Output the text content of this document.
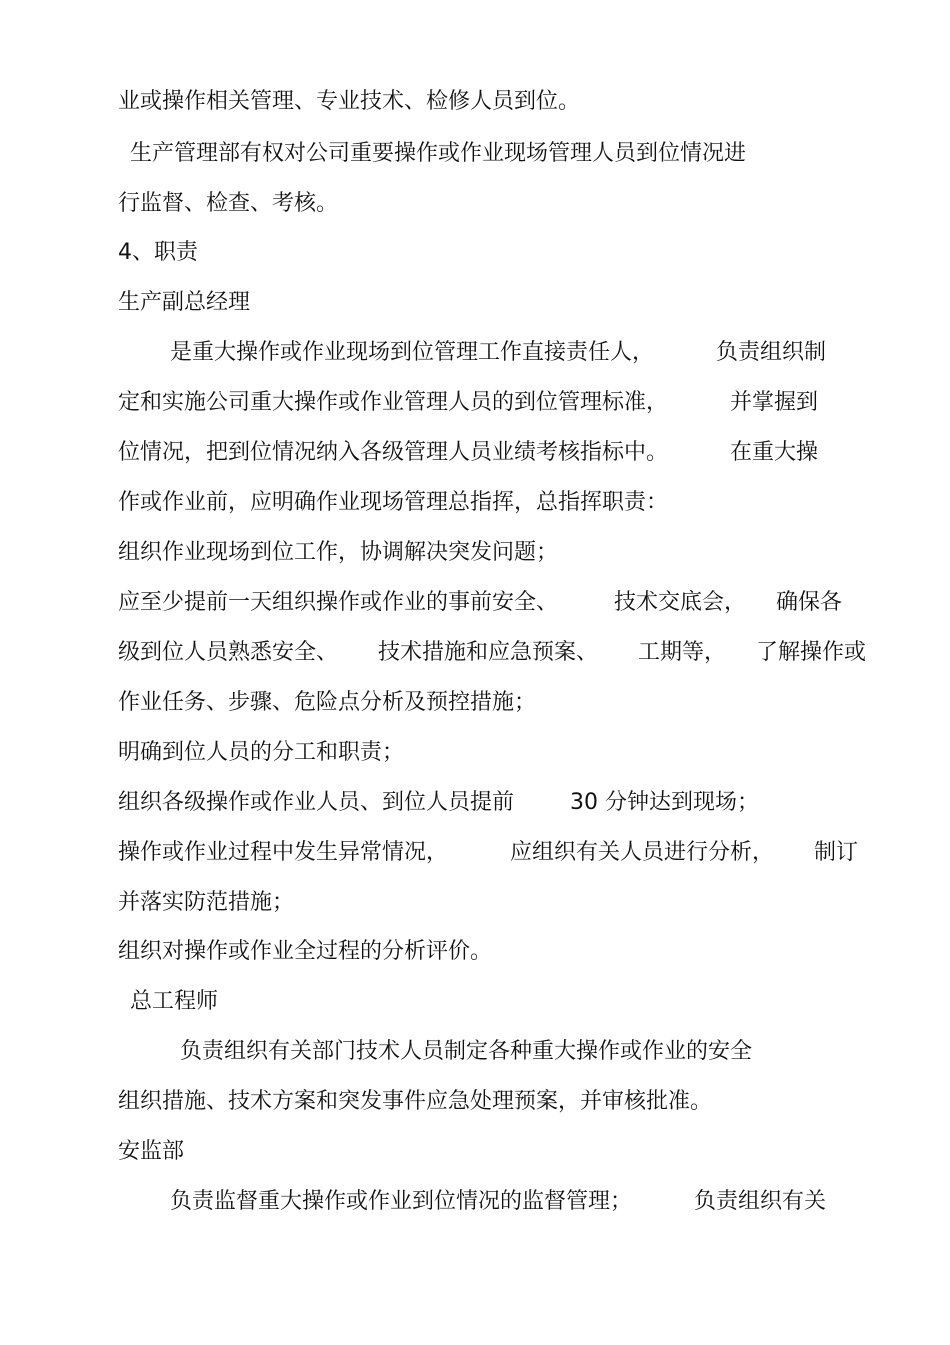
业或操作相关管理、专业技术、检修人员到位。
生产管理部有权对公司重要操作或作业现场管理人员到位情况进
行监督、检查、考核。
4、职责
生产副总经理
是重大操作或作业现场到位管理工作直接责任人，	负责组织制
定和实施公司重大操作或作业管理人员的到位管理标准，	并掌握到
位情况，把到位情况纳入各级管理人员业绩考核指标中。	在重大操
作或作业前，应明确作业现场管理总指挥，总指挥职责：
组织作业现场到位工作，协调解决突发问题；
应至少提前一天组织操作或作业的事前安全、	技术交底会， 确保各
级到位人员熟悉安全、 技术措施和应急预案、 工期等， 了解操作或
作业任务、步骤、危险点分析及预控措施；
明确到位人员的分工和职责；
组织各级操作或作业人员、到位人员提前	30 分钟达到现场；
操作或作业过程中发生异常情况，	应组织有关人员进行分析， 制订
并落实防范措施；
组织对操作或作业全过程的分析评价。
总工程师
负责组织有关部门技术人员制定各种重大操作或作业的安全
组织措施、技术方案和突发事件应急处理预案，并审核批准。
安监部
负责监督重大操作或作业到位情况的监督管理；	负责组织有关
